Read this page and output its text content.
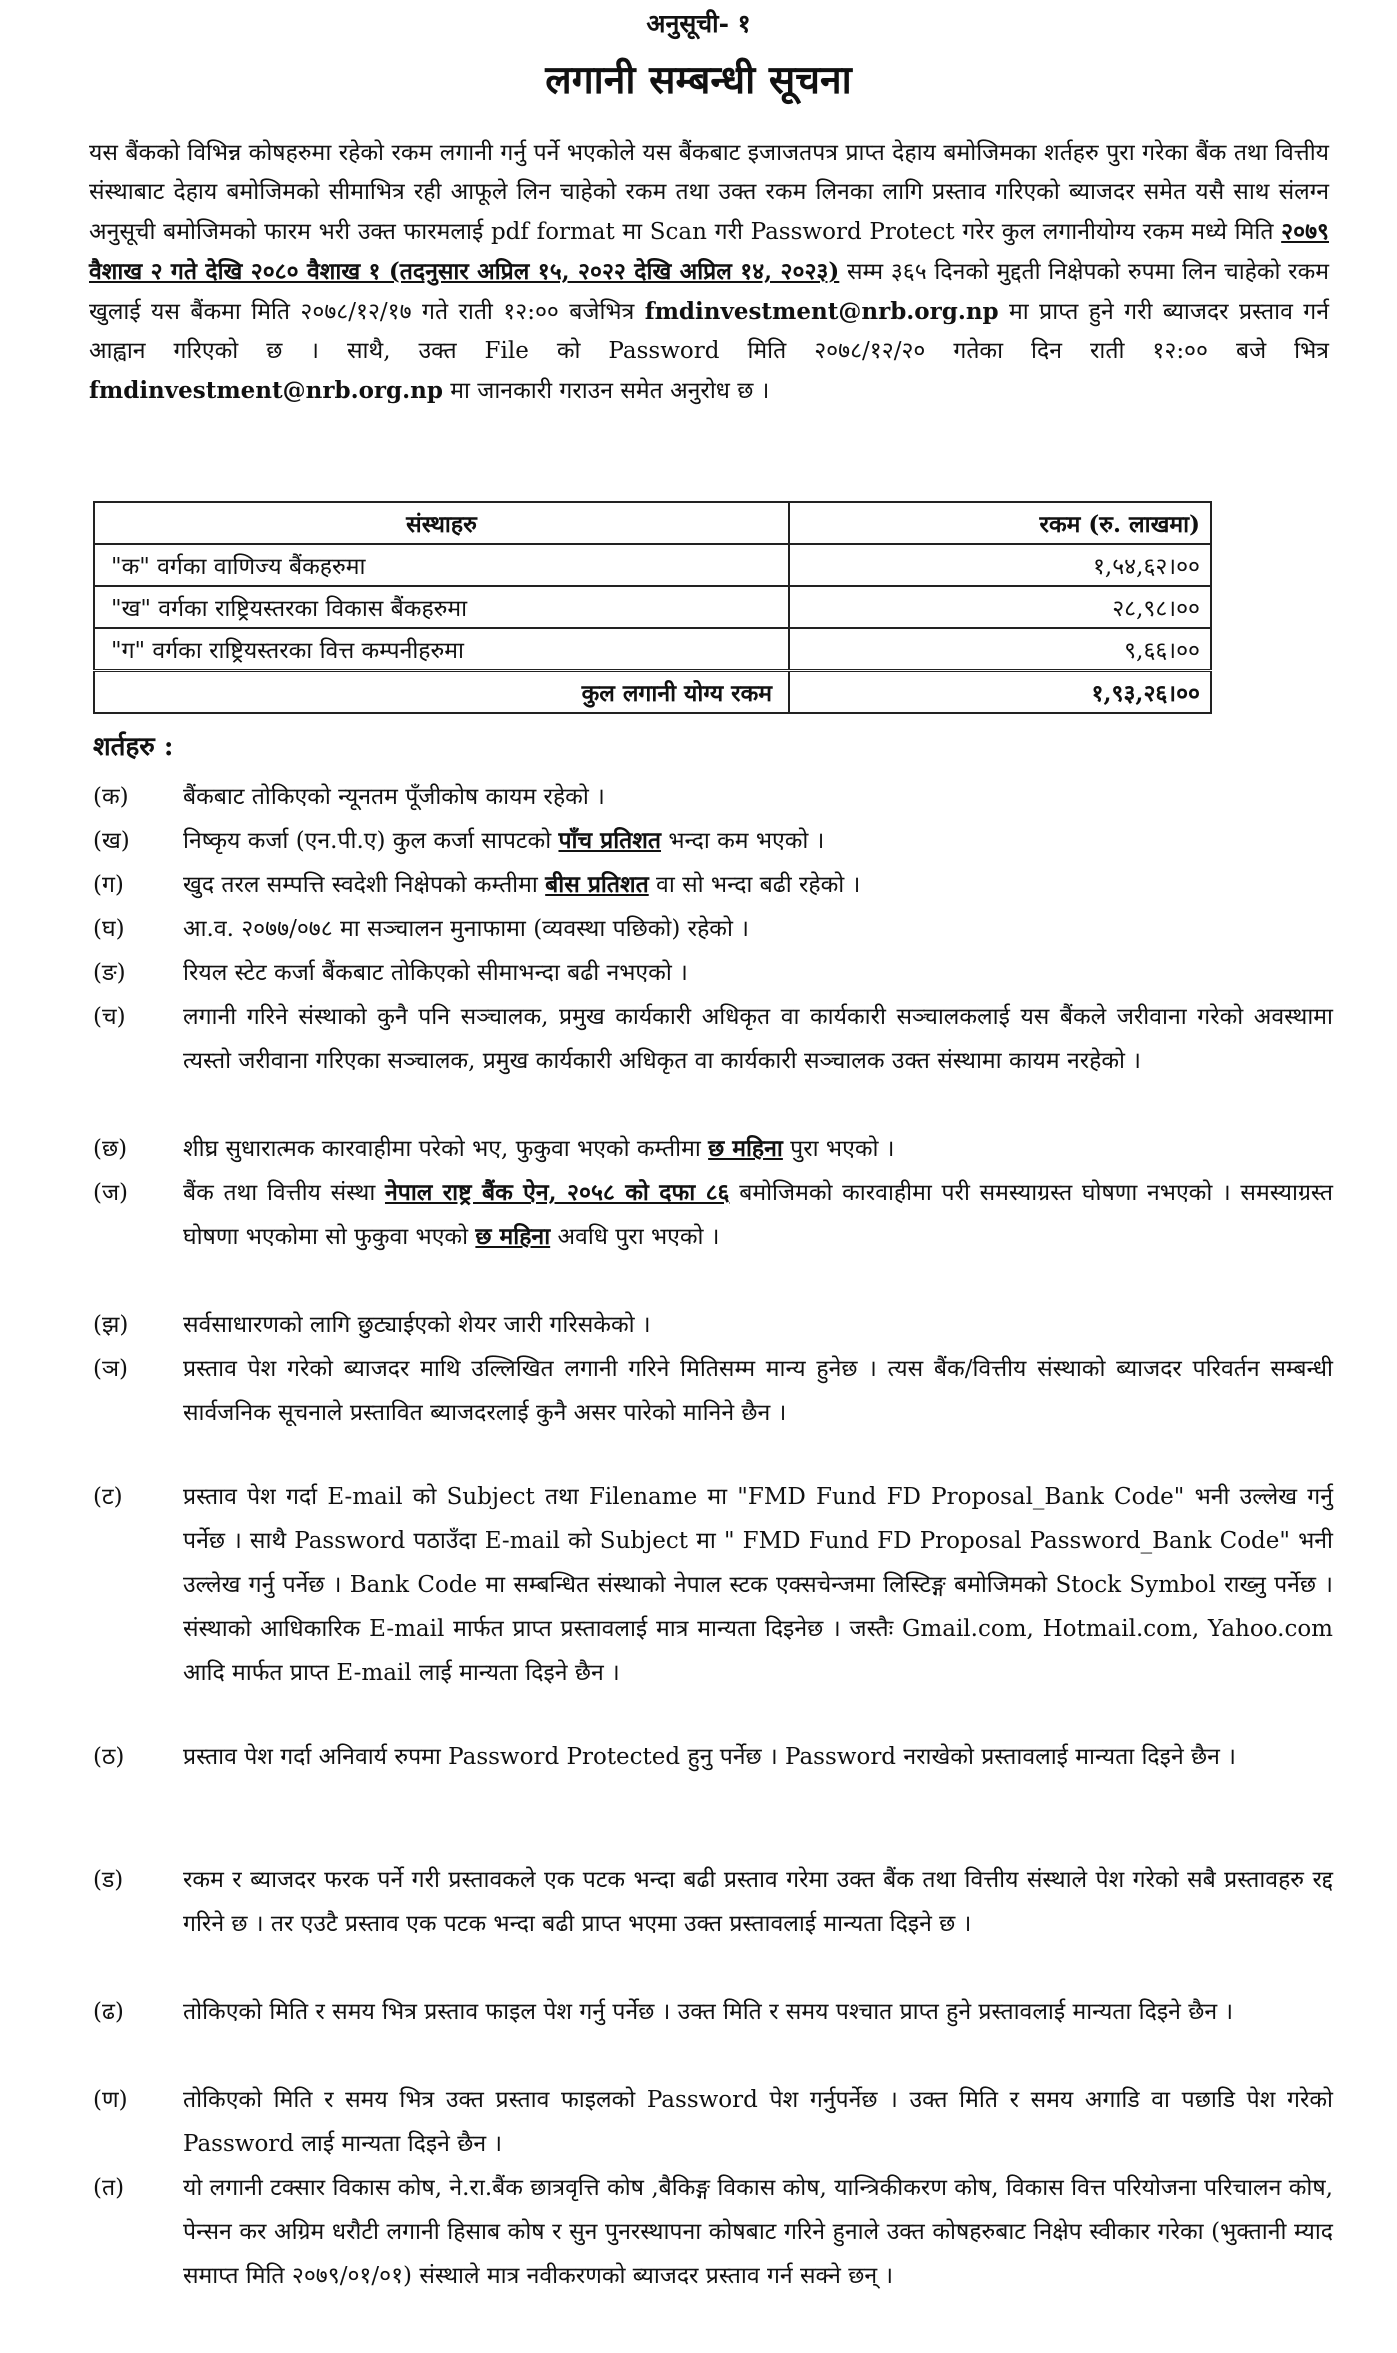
अनुसूची- १
लगानी सम्बन्धी सूचना

यस बैंकको विभिन्न कोषहरुमा रहेको रकम लगानी गर्नु पर्ने भएकोले यस बैंकबाट इजाजतपत्र प्राप्त देहाय बमोजिमका शर्तहरु पुरा गरेका बैंक तथा वित्तीय संस्थाबाट देहाय बमोजिमको सीमाभित्र रही आफूले लिन चाहेको रकम तथा उक्त रकम लिनका लागि प्रस्ताव गरिएको ब्याजदर समेत यसै साथ संलग्न अनुसूची बमोजिमको फारम भरी उक्त फारमलाई pdf format मा Scan गरी Password Protect गरेर कुल लगानीयोग्य रकम मध्ये मिति २०७९ वैशाख २ गते देखि २०८० वैशाख १ (तदनुसार अप्रिल १५, २०२२ देखि अप्रिल १४, २०२३) सम्म ३६५ दिनको मुद्दती निक्षेपको रुपमा लिन चाहेको रकम खुलाई यस बैंकमा मिति २०७८/१२/१७ गते राती १२:०० बजेभित्र fmdinvestment@nrb.org.np मा प्राप्त हुने गरी ब्याजदर प्रस्ताव गर्न आह्वान गरिएको छ । साथै, उक्त File को Password मिति २०७८/१२/२० गतेका दिन राती १२:०० बजे भित्र fmdinvestment@nrb.org.np मा जानकारी गराउन समेत अनुरोध छ ।

संस्थाहरु	रकम (रु. लाखमा)
"क" वर्गका वाणिज्य बैंकहरुमा	१,५४,६२।००
"ख" वर्गका राष्ट्रियस्तरका विकास बैंकहरुमा	२८,९८।००
"ग" वर्गका राष्ट्रियस्तरका वित्त कम्पनीहरुमा	९,६६।००
कुल लगानी योग्य रकम	१,९३,२६।००
शर्तहरु :
(क) बैंकबाट तोकिएको न्यूनतम पूँजीकोष कायम रहेको ।
(ख) निष्कृय कर्जा (एन.पी.ए) कुल कर्जा सापटको पाँच प्रतिशत भन्दा कम भएको ।
(ग)	खुद तरल सम्पत्ति स्वदेशी निक्षेपको कम्तीमा बीस प्रतिशत वा सो भन्दा बढी रहेको ।
(घ)	आ.व. २०७७/०७८ मा सञ्चालन मुनाफामा (व्यवस्था पछिको) रहेको ।
(ङ) रियल स्टेट कर्जा बैंकबाट तोकिएको सीमाभन्दा बढी नभएको ।
(च) लगानी गरिने संस्थाको कुनै पनि सञ्चालक, प्रमुख कार्यकारी अधिकृत वा कार्यकारी सञ्चालकलाई यस बैंकले जरीवाना गरेको अवस्थामा त्यस्तो जरीवाना गरिएका सञ्चालक, प्रमुख कार्यकारी अधिकृत वा कार्यकारी सञ्चालक उक्त संस्थामा कायम नरहेको ।
(छ) शीघ्र सुधारात्मक कारवाहीमा परेको भए, फुकुवा भएको कम्तीमा छ महिना पुरा भएको ।
(ज) बैंक तथा वित्तीय संस्था नेपाल राष्ट्र बैंक ऐन, २०५८ को दफा ८६ बमोजिमको कारवाहीमा परी समस्याग्रस्त घोषणा नभएको । समस्याग्रस्त घोषणा भएकोमा सो फुकुवा भएको छ महिना अवधि पुरा भएको ।
(झ) सर्वसाधारणको लागि छुट्याईएको शेयर जारी गरिसकेको ।
(ञ) प्रस्ताव पेश गरेको ब्याजदर माथि उल्लिखित लगानी गरिने मितिसम्म मान्य हुनेछ । त्यस बैंक/वित्तीय संस्थाको ब्याजदर परिवर्तन सम्बन्धी सार्वजनिक सूचनाले प्रस्तावित ब्याजदरलाई कुनै असर पारेको मानिने छैन ।
(ट)	प्रस्ताव पेश गर्दा E-mail को Subject तथा Filename मा "FMD Fund FD Proposal_Bank Code" भनी उल्लेख गर्नु पर्नेछ । साथै Password पठाउँदा E-mail को Subject मा " FMD Fund FD Proposal Password_Bank Code" भनी उल्लेख गर्नु पर्नेछ । Bank Code मा सम्बन्धित संस्थाको नेपाल स्टक एक्सचेन्जमा लिस्टिङ्ग बमोजिमको Stock Symbol राख्नु पर्नेछ । संस्थाको आधिकारिक E-mail मार्फत प्राप्त प्रस्तावलाई मात्र मान्यता दिइनेछ । जस्तैः Gmail.com, Hotmail.com, Yahoo.com आदि मार्फत प्राप्त E-mail लाई मान्यता दिइने छैन ।
(ठ)	प्रस्ताव पेश गर्दा अनिवार्य रुपमा Password Protected हुनु पर्नेछ । Password नराखेको प्रस्तावलाई मान्यता दिइने छैन ।
(ड)	रकम र ब्याजदर फरक पर्ने गरी प्रस्तावकले एक पटक भन्दा बढी प्रस्ताव गरेमा उक्त बैंक तथा वित्तीय संस्थाले पेश गरेको सबै प्रस्तावहरु रद्द गरिने छ । तर एउटै प्रस्ताव एक पटक भन्दा बढी प्राप्त भएमा उक्त प्रस्तावलाई मान्यता दिइने छ ।
(ढ)	तोकिएको मिति र समय भित्र प्रस्ताव फाइल पेश गर्नु पर्नेछ । उक्त मिति र समय पश्चात प्राप्त हुने प्रस्तावलाई मान्यता दिइने छैन ।
(ण) तोकिएको मिति र समय भित्र उक्त प्रस्ताव फाइलको Password पेश गर्नुपर्नेछ । उक्त मिति र समय अगाडि वा पछाडि पेश गरेको Password लाई मान्यता दिइने छैन ।
(त)	यो लगानी टक्सार विकास कोष, ने.रा.बैंक छात्रवृत्ति कोष ,बैकिङ्ग विकास कोष, यान्त्रिकीकरण कोष, विकास वित्त परियोजना परिचालन कोष, पेन्सन कर अग्रिम धरौटी लगानी हिसाब कोष र सुन पुनरस्थापना कोषबाट गरिने हुनाले उक्त कोषहरुबाट निक्षेप स्वीकार गरेका (भुक्तानी म्याद समाप्त मिति २०७९/०१/०१) संस्थाले मात्र नवीकरणको ब्याजदर प्रस्ताव गर्न सक्ने छन् ।
